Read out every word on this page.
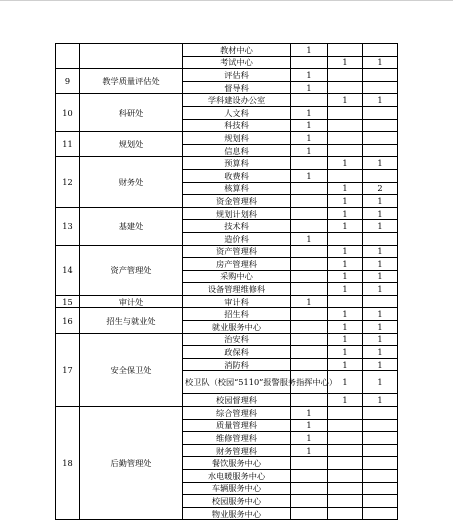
		教材中心	1		
		考试中心		1	1
9	教学质量评估处	评估科	1		
		督导科	1		
10	科研处	学科建设办公室		1	1
		人文科	1		
		科技科	1		
11	规划处	规划科	1		
		信息科	1		
12	财务处	预算科		1	1
		收费科	1		
		核算科		1	2
		资金管理科		1	1
13	基建处	规划计划科		1	1
		技术科		1	1
		造价科	1		
14	资产管理处	资产管理科		1	1
		房产管理科		1	1
		采购中心		1	1
		设备管理维修科		1	1
15	审计处	审计科	1		
16	招生与就业处	招生科		1	1
		就业服务中心		1	1
17	安全保卫处	治安科		1	1
		政保科		1	1
		消防科		1	1
		校卫队（校园“5110”报警服务指挥中心）		1	1
		校园督理科		1	1
18	后勤管理处	综合管理科	1		
		质量管理科	1		
		维修管理科	1		
		财务管理科	1		
		餐饮服务中心			
		水电暖服务中心			
		车辆服务中心			
		校园服务中心			
		物业服务中心			
